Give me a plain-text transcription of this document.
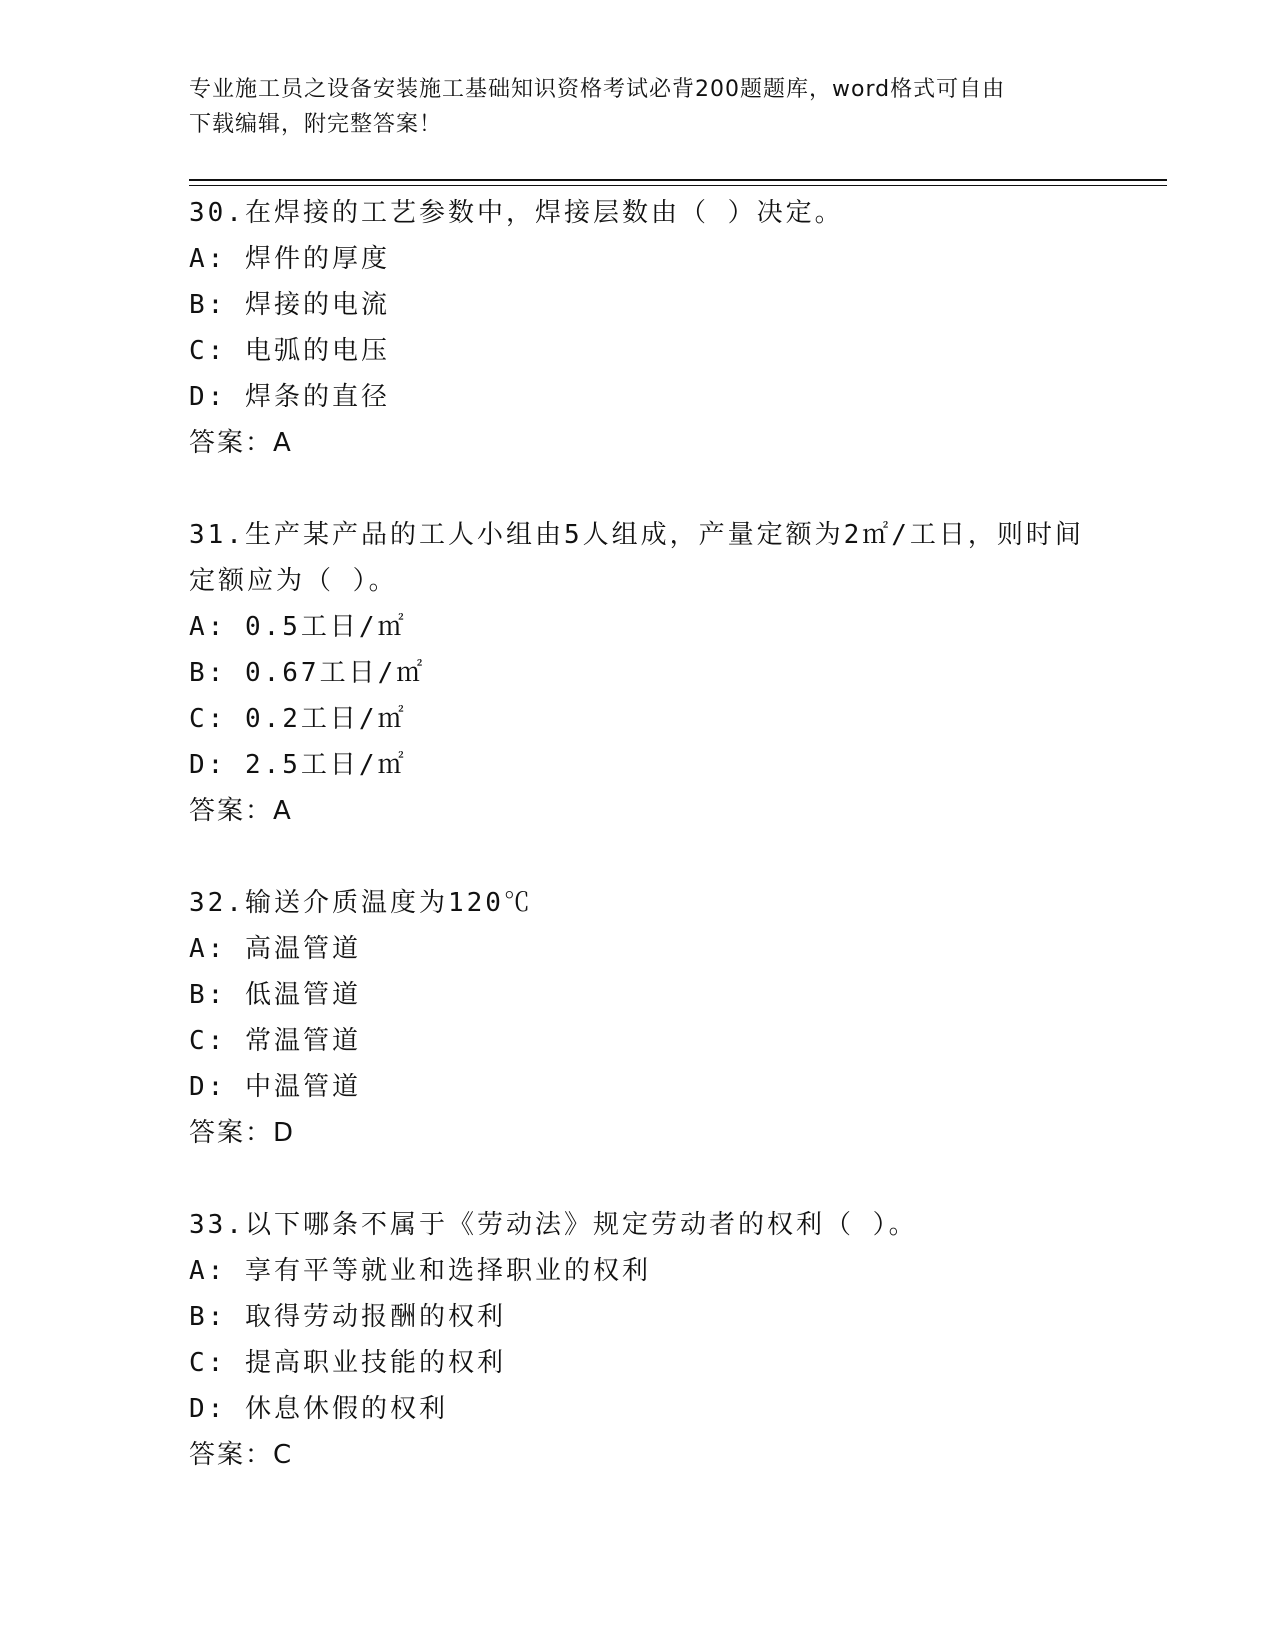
专业施工员之设备安装施工基础知识资格考试必背200题题库，word格式可自由
下载编辑，附完整答案！
30.在焊接的工艺参数中，焊接层数由（ ）决定。
A: 焊件的厚度
B: 焊接的电流
C: 电弧的电压
D: 焊条的直径
答案：A
31.生产某产品的工人小组由5人组成，产量定额为2㎡/工日，则时间定额应为（ ）。
A: 0.5工日/㎡
B: 0.67工日/㎡
C: 0.2工日/㎡
D: 2.5工日/㎡
答案：A
32.输送介质温度为120℃
A: 高温管道
B: 低温管道
C: 常温管道
D: 中温管道
答案：D
33.以下哪条不属于《劳动法》规定劳动者的权利（ ）。
A: 享有平等就业和选择职业的权利
B: 取得劳动报酬的权利
C: 提高职业技能的权利
D: 休息休假的权利
答案：C
